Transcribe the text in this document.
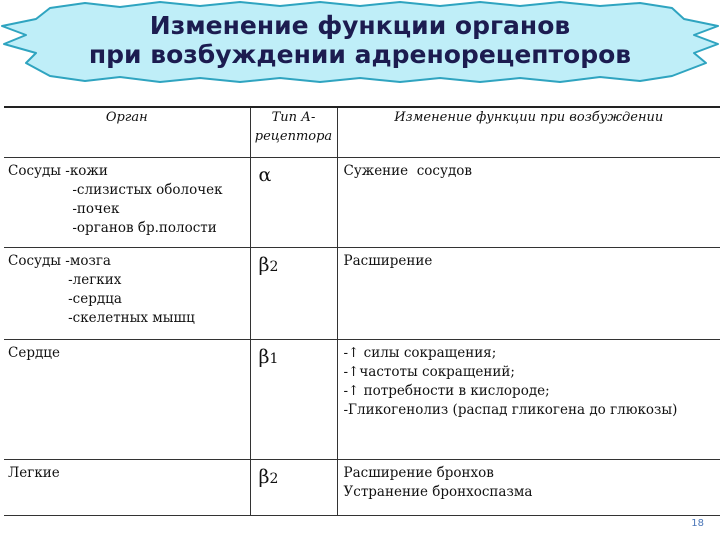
Изменение функции органов
при возбуждении адренорецепторов
Орган	Тип А-рецептора	Изменение функции при возбуждении

Сосуды -кожи
-слизистых оболочек
-почек
-органов бр.полости	α	Сужение  сосудов

Сосуды -мозга
-легких
-сердца
-скелетных мышц	β2	Расширение

Сердце	β1	-↑ силы сокращения;
-↑частоты сокращений;
-↑ потребности в кислороде;
-Гликогенолиз (распад гликогена до глюкозы)

Легкие	β2	Расширение бронхов
Устранение бронхоспазма
18
